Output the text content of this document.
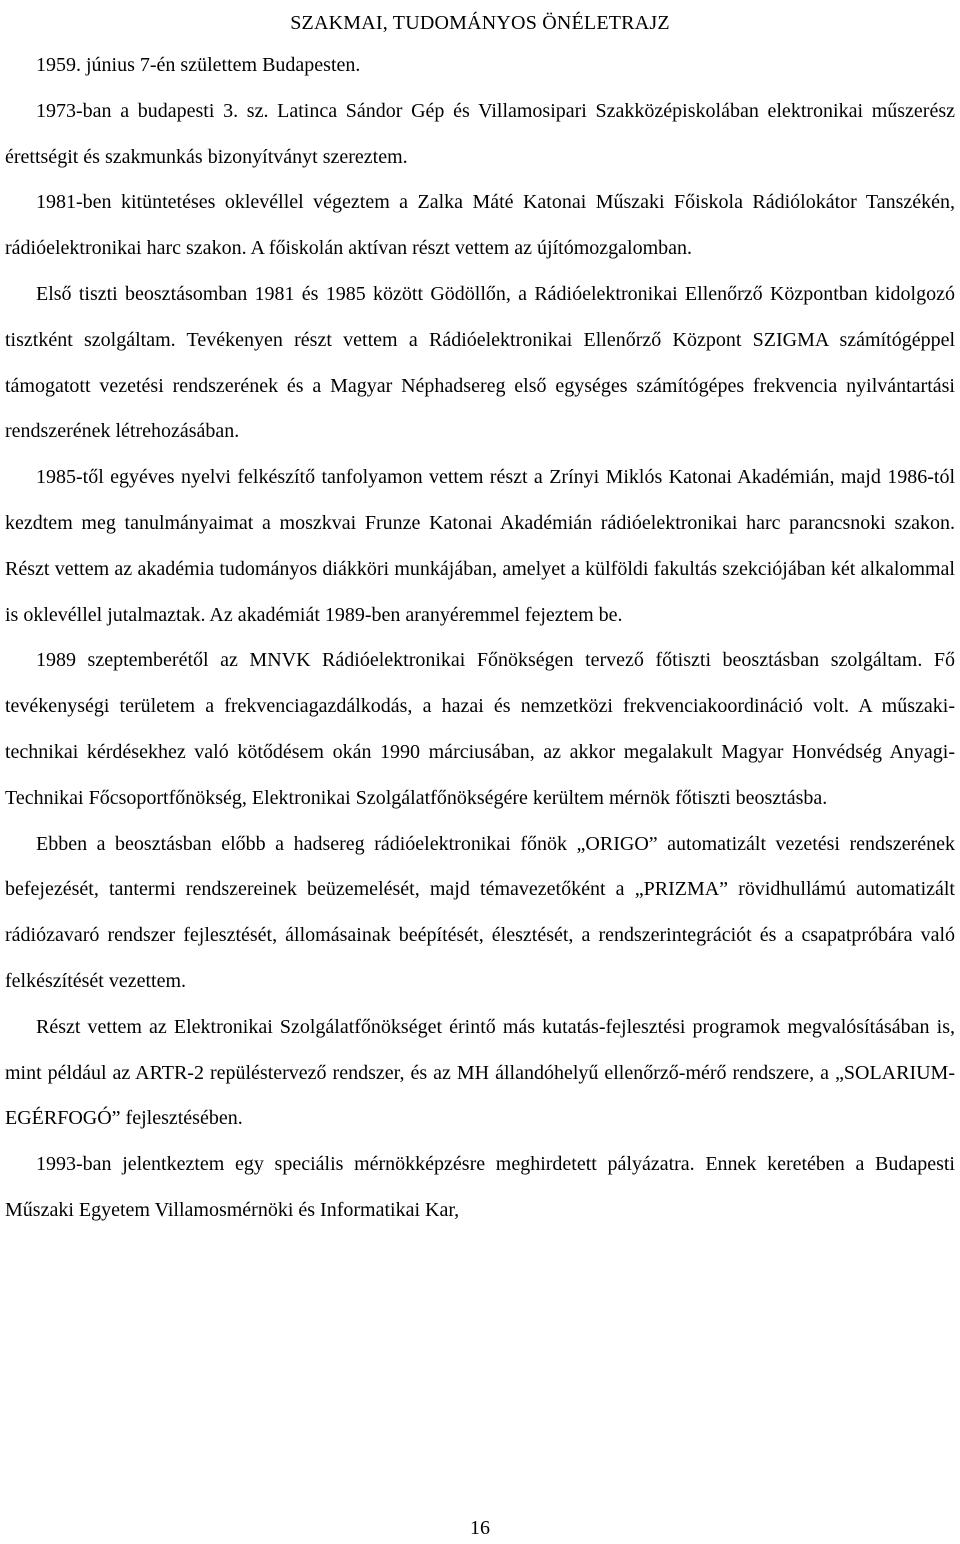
SZAKMAI, TUDOMÁNYOS ÖNÉLETRAJZ

1959. június 7-én születtem Budapesten.

1973-ban a budapesti 3. sz. Latinca Sándor Gép és Villamosipari Szakközépiskolában elektronikai műszerész érettségit és szakmunkás bizonyítványt szereztem.

1981-ben kitüntetéses oklevéllel végeztem a Zalka Máté Katonai Műszaki Főiskola Rádiólokátor Tanszékén, rádióelektronikai harc szakon. A főiskolán aktívan részt vettem az újítómozgalomban.

Első tiszti beosztásomban 1981 és 1985 között Gödöllőn, a Rádióelektronikai Ellenőrző Központban kidolgozó tisztként szolgáltam. Tevékenyen részt vettem a Rádióelektronikai Ellenőrző Központ SZIGMA számítógéppel támogatott vezetési rendszerének és a Magyar Néphadsereg első egységes számítógépes frekvencia nyilvántartási rendszerének létrehozásában.

1985-től egyéves nyelvi felkészítő tanfolyamon vettem részt a Zrínyi Miklós Katonai Akadémián, majd 1986-tól kezdtem meg tanulmányaimat a moszkvai Frunze Katonai Akadémián rádióelektronikai harc parancsnoki szakon. Részt vettem az akadémia tudományos diákköri munkájában, amelyet a külföldi fakultás szekciójában két alkalommal is oklevéllel jutalmaztak. Az akadémiát 1989-ben aranyéremmel fejeztem be.

1989 szeptemberétől az MNVK Rádióelektronikai Főnökségen tervező főtiszti beosztásban szolgáltam. Fő tevékenységi területem a frekvenciagazdálkodás, a hazai és nemzetközi frekvenciakoordináció volt. A műszaki-technikai kérdésekhez való kötődésem okán 1990 márciusában, az akkor megalakult Magyar Honvédség Anyagi-Technikai Főcsoportfőnökség, Elektronikai Szolgálatfőnökségére kerültem mérnök főtiszti beosztásba.

Ebben a beosztásban előbb a hadsereg rádióelektronikai főnök „ORIGO” automatizált vezetési rendszerének befejezését, tantermi rendszereinek beüzemelését, majd témavezetőként a „PRIZMA” rövidhullámú automatizált rádiózavaró rendszer fejlesztését, állomásainak beépítését, élesztését, a rendszerintegrációt és a csapatpróbára való felkészítését vezettem.

Részt vettem az Elektronikai Szolgálatfőnökséget érintő más kutatás-fejlesztési programok megvalósításában is, mint például az ARTR-2 repüléstervező rendszer, és az MH állandóhelyű ellenőrző-mérő rendszere, a „SOLARIUM-EGÉRFOGÓ” fejlesztésében.

1993-ban jelentkeztem egy speciális mérnökképzésre meghirdetett pályázatra. Ennek keretében a Budapesti Műszaki Egyetem Villamosmérnöki és Informatikai Kar,

16
